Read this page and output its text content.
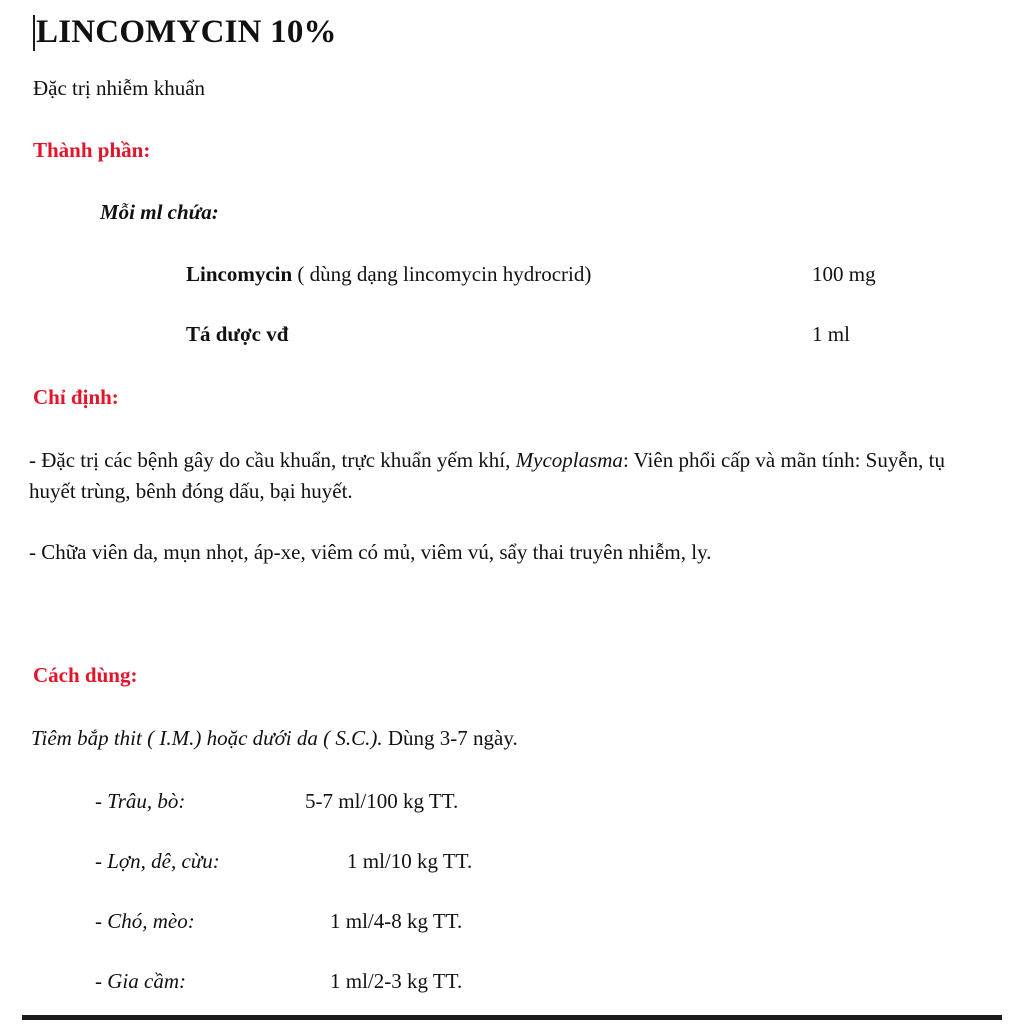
LINCOMYCIN 10%
Đặc trị nhiễm khuẩn
Thành phần:
Mỗi ml chứa:
Lincomycin ( dùng dạng lincomycin hydrocrid)	100 mg
Tá dược vđ	1 ml
Chỉ định:
- Đặc trị các bệnh gây do cầu khuẩn, trực khuẩn yếm khí, Mycoplasma: Viên phổi cấp và mãn tính: Suyễn, tụ huyết trùng, bênh đóng dấu, bại huyết.
- Chữa viên da, mụn nhọt, áp-xe, viêm có mủ, viêm vú, sẩy thai truyên nhiễm, ly.
Cách dùng:
Tiêm bắp thit ( I.M.) hoặc dưới da ( S.C.). Dùng 3-7 ngày.
- Trâu, bò:	5-7 ml/100 kg TT.
- Lợn, dê, cừu:	1 ml/10 kg TT.
- Chó, mèo:	1 ml/4-8 kg TT.
- Gia cầm:	1 ml/2-3 kg TT.
